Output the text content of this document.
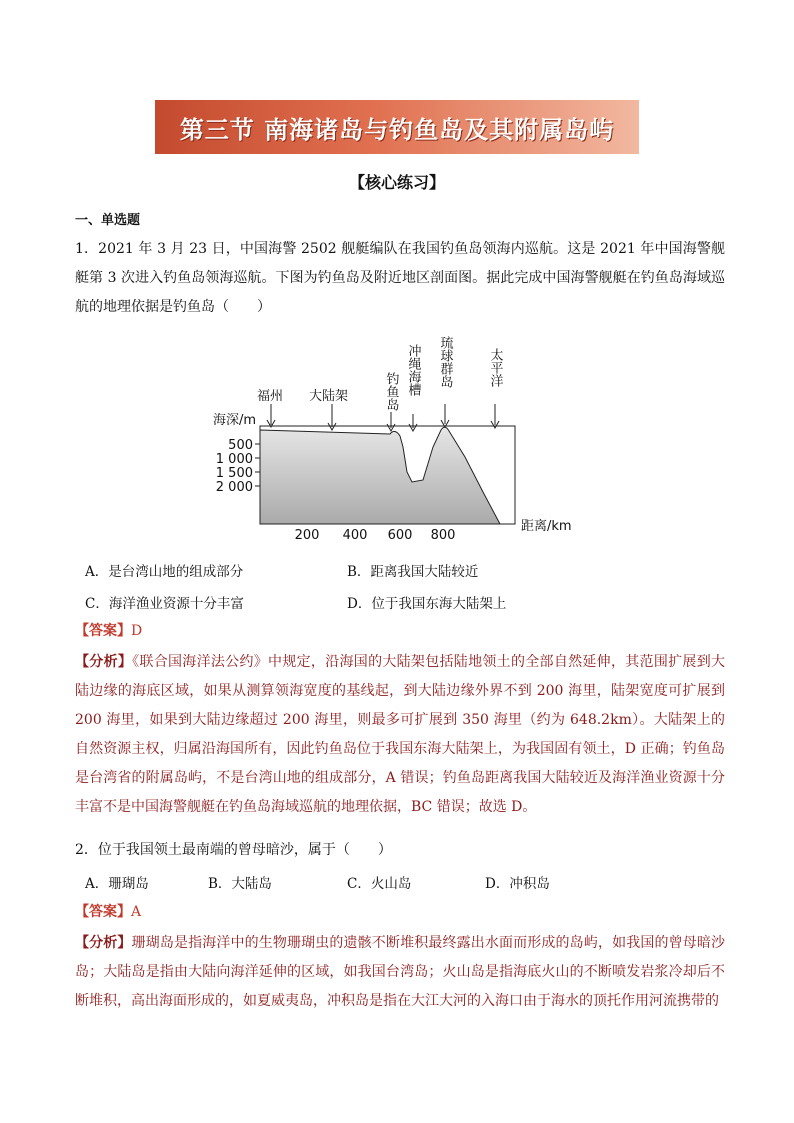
第三节 南海诸岛与钓鱼岛及其附属岛屿
【核心练习】
一、单选题
1．2021 年 3 月 23 日，中国海警 2502 舰艇编队在我国钓鱼岛领海内巡航。这是 2021 年中国海警舰艇第 3 次进入钓鱼岛领海巡航。下图为钓鱼岛及附近地区剖面图。据此完成中国海警舰艇在钓鱼岛海域巡航的地理依据是钓鱼岛（　　）
500
1 000
1 500
2 000
海深/m
200 400 600 800
距离/km
福州 大陆架	钓鱼岛 冲绳海槽 琉球群岛	太平洋
A．是台湾山地的组成部分	B．距离我国大陆较近
C．海洋渔业资源十分丰富	D．位于我国东海大陆架上
【答案】D
【分析】《联合国海洋法公约》中规定，沿海国的大陆架包括陆地领土的全部自然延伸，其范围扩展到大陆边缘的海底区域，如果从测算领海宽度的基线起，到大陆边缘外界不到 200 海里，陆架宽度可扩展到 200 海里，如果到大陆边缘超过 200 海里，则最多可扩展到 350 海里（约为 648.2km）。大陆架上的自然资源主权，归属沿海国所有，因此钓鱼岛位于我国东海大陆架上，为我国固有领土，D 正确；钓鱼岛是台湾省的附属岛屿，不是台湾山地的组成部分，A 错误；钓鱼岛距离我国大陆较近及海洋渔业资源十分丰富不是中国海警舰艇在钓鱼岛海域巡航的地理依据，BC 错误；故选 D。
2．位于我国领土最南端的曾母暗沙，属于（　　）
A．珊瑚岛	B．大陆岛	C．火山岛	D．冲积岛
【答案】A
【分析】珊瑚岛是指海洋中的生物珊瑚虫的遗骸不断堆积最终露出水面而形成的岛屿，如我国的曾母暗沙岛；大陆岛是指由大陆向海洋延伸的区域，如我国台湾岛；火山岛是指海底火山的不断喷发岩浆冷却后不断堆积，高出海面形成的，如夏威夷岛，冲积岛是指在大江大河的入海口由于海水的顶托作用河流携带的
